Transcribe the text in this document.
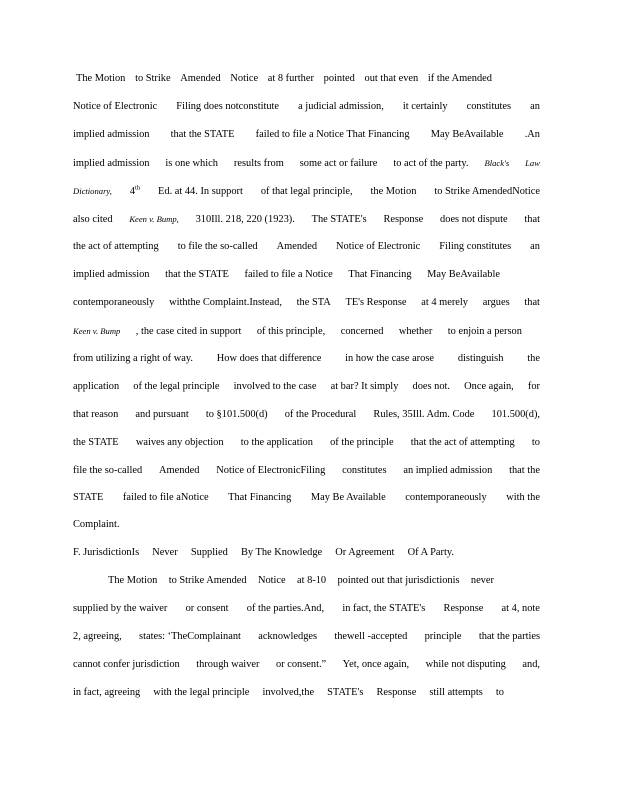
The Motion to Strike Amended Notice at 8 further pointed out that even if the Amended
Notice of Electronic Filing does notconstitute a judicial admission, it certainly constitutes an
implied admission that the STATE failed to file a Notice That Financing May BeAvailable .An
implied admission is one which results from some act or failure to act of the party. Black's Law
Dictionary, 4th Ed. at 44. In support of that legal principle, the Motion to Strike AmendedNotice
also cited Keen v. Bump, 310Ill. 218, 220 (1923). The STATE's Response does not dispute that
the act of attempting to file the so-called Amended Notice of Electronic Filing constitutes an
implied admission that the STATE failed to file a Notice That Financing May BeAvailable
contemporaneously withthe Complaint.Instead, the STA TE's Response at 4 merely argues that
Keen v. Bump , the case cited in support of this principle, concerned whether to enjoin a person
from utilizing a right of way. How does that difference in how the case arose distinguish the
application of the legal principle involved to the case at bar? It simply does not. Once again, for
that reason and pursuant to §101.500(d) of the Procedural Rules, 35Ill. Adm. Code 101.500(d),
the STATE waives any objection to the application of the principle that the act of attempting to
file the so-called Amended Notice of ElectronicFiling constitutes an implied admission that the
STATE failed to file aNotice That Financing May Be Available contemporaneously with the
Complaint.
F. JurisdictionIs Never Supplied By The Knowledge Or Agreement Of A Party.
The Motion to Strike Amended Notice at 8-10 pointed out that jurisdictionis never
supplied by the waiver or consent of the parties.And, in fact, the STATE's Response at 4, note
2, agreeing, states: ‘TheComplainant acknowledges thewell -accepted principle that the parties
cannot confer jurisdiction through waiver or consent.” Yet, once again, while not disputing and,
in fact, agreeing with the legal principle involved,the STATE's Response still attempts to
